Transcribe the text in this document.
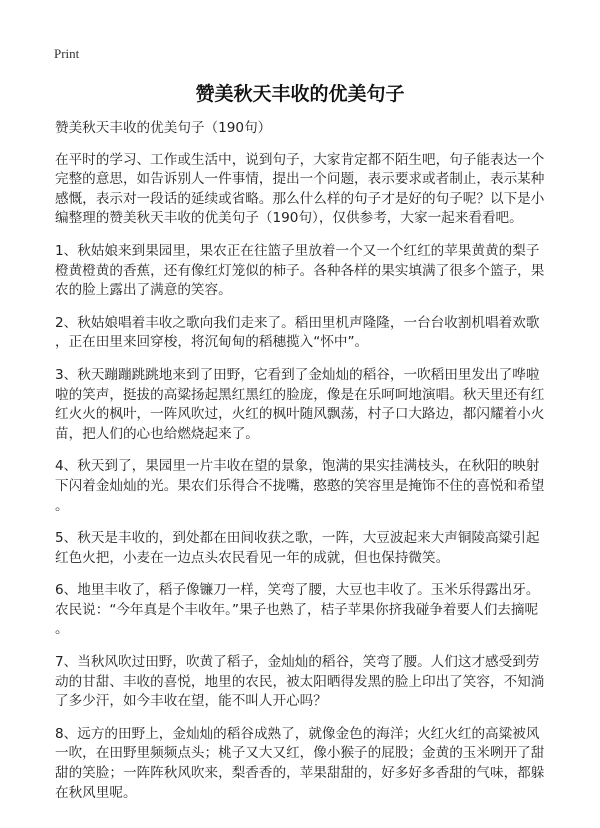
Print
赞美秋天丰收的优美句子
赞美秋天丰收的优美句子（190句）
在平时的学习、工作或生活中，说到句子，大家肯定都不陌生吧，句子能表达一个
完整的意思，如告诉别人一件事情，提出一个问题，表示要求或者制止，表示某种
感慨，表示对一段话的延续或省略。那么什么样的句子才是好的句子呢？以下是小
编整理的赞美秋天丰收的优美句子（190句），仅供参考，大家一起来看看吧。
1、秋姑娘来到果园里，果农正在往篮子里放着一个又一个红红的苹果黄黄的梨子
橙黄橙黄的香蕉，还有像红灯笼似的柿子。各种各样的果实填满了很多个篮子，果
农的脸上露出了满意的笑容。
2、秋姑娘唱着丰收之歌向我们走来了。稻田里机声隆隆，一台台收割机唱着欢歌
，正在田里来回穿梭，将沉甸甸的稻穗揽入“怀中”。
3、秋天蹦蹦跳跳地来到了田野，它看到了金灿灿的稻谷，一吹稻田里发出了哗啦
啦的笑声，挺拔的高粱扬起黑红黑红的脸庞，像是在乐呵呵地演唱。秋天里还有红
红火火的枫叶，一阵风吹过，火红的枫叶随风飘荡，村子口大路边，都闪耀着小火
苗，把人们的心也给燃烧起来了。
4、秋天到了，果园里一片丰收在望的景象，饱满的果实挂满枝头，在秋阳的映射
下闪着金灿灿的光。果农们乐得合不拢嘴，憨憨的笑容里是掩饰不住的喜悦和希望
。
5、秋天是丰收的，到处都在田间收获之歌，一阵，大豆波起来大声铜陵高粱引起
红色火把，小麦在一边点头农民看见一年的成就，但也保持微笑。
6、地里丰收了，稻子像镰刀一样，笑弯了腰，大豆也丰收了。玉米乐得露出牙。
农民说：“今年真是个丰收年。”果子也熟了，桔子苹果你挤我碰争着要人们去摘呢
。
7、当秋风吹过田野，吹黄了稻子，金灿灿的稻谷，笑弯了腰。人们这才感受到劳
动的甘甜、丰收的喜悦，地里的农民，被太阳晒得发黑的脸上印出了笑容，不知淌
了多少汗，如今丰收在望，能不叫人开心吗？
8、远方的田野上，金灿灿的稻谷成熟了，就像金色的海洋；火红火红的高粱被风
一吹，在田野里频频点头；桃子又大又红，像小猴子的屁股；金黄的玉米咧开了甜
甜的笑脸；一阵阵秋风吹来，梨香香的，苹果甜甜的，好多好多香甜的气味，都躲
在秋风里呢。
